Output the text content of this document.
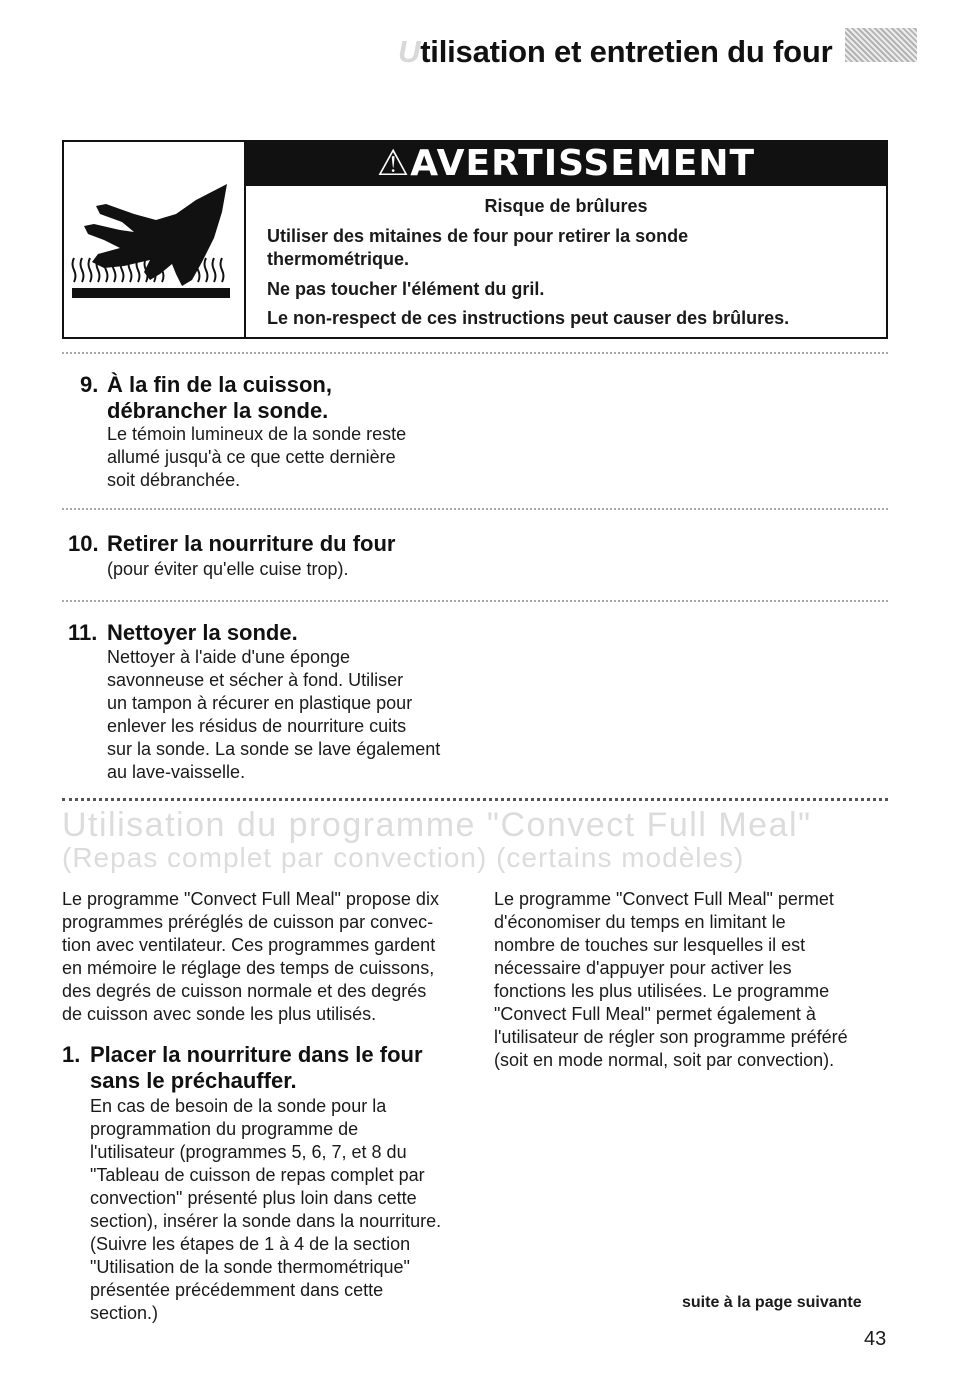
Utilisation et entretien du four
⚠AVERTISSEMENT
Risque de brûlures
Utiliser des mitaines de four pour retirer la sonde
thermométrique.
Ne pas toucher l'élément du gril.
Le non-respect de ces instructions peut causer des brûlures.
9. À la fin de la cuisson,
débrancher la sonde.
Le témoin lumineux de la sonde reste
allumé jusqu'à ce que cette dernière
soit débranchée.
10. Retirer la nourriture du four
(pour éviter qu'elle cuise trop).
11. Nettoyer la sonde.
Nettoyer à l'aide d'une éponge
savonneuse et sécher à fond. Utiliser
un tampon à récurer en plastique pour
enlever les résidus de nourriture cuits
sur la sonde. La sonde se lave également
au lave-vaisselle.
Utilisation du programme "Convect Full Meal"
(Repas complet par convection) (certains modèles)
Le programme "Convect Full Meal" propose dix
programmes préréglés de cuisson par convec-
tion avec ventilateur. Ces programmes gardent
en mémoire le réglage des temps de cuissons,
des degrés de cuisson normale et des degrés
de cuisson avec sonde les plus utilisés.
1. Placer la nourriture dans le four
sans le préchauffer.
En cas de besoin de la sonde pour la
programmation du programme de
l'utilisateur (programmes 5, 6, 7, et 8 du
"Tableau de cuisson de repas complet par
convection" présenté plus loin dans cette
section), insérer la sonde dans la nourriture.
(Suivre les étapes de 1 à 4 de la section
"Utilisation de la sonde thermométrique"
présentée précédemment dans cette
section.)
Le programme "Convect Full Meal" permet
d'économiser du temps en limitant le
nombre de touches sur lesquelles il est
nécessaire d'appuyer pour activer les
fonctions les plus utilisées. Le programme
"Convect Full Meal" permet également à
l'utilisateur de régler son programme préféré
(soit en mode normal, soit par convection).
suite à la page suivante
43
